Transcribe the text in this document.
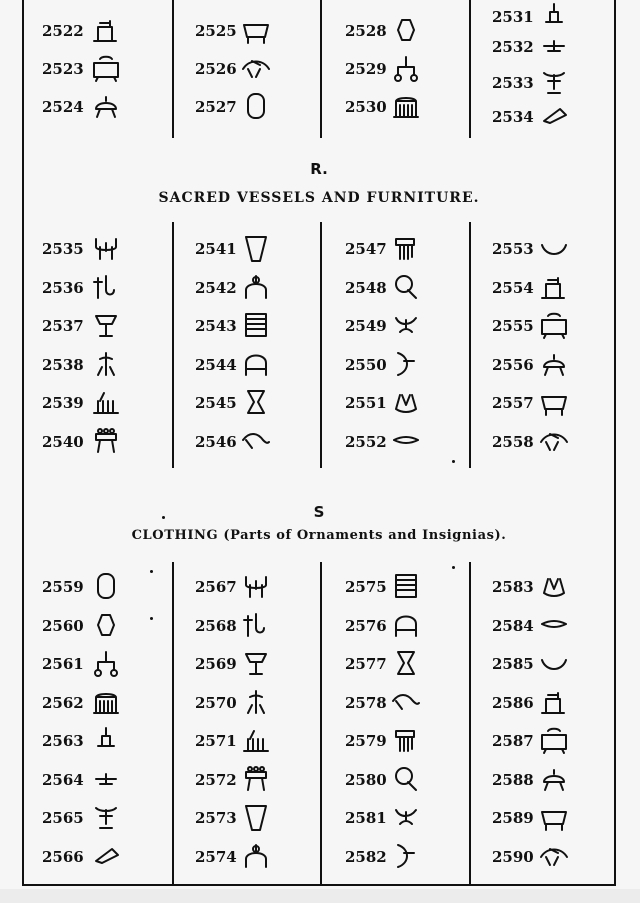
R.
SACRED VESSELS AND FURNITURE.
S
CLOTHING (Parts of Ornaments and Insignias).
2522
2523
2524
2525
2526
2527
2528
2529
2530
2531
2532
2533
2534
2535
2536
2537
2538
2539
2540
2541
2542
2543
2544
2545
2546
2547
2548
2549
2550
2551
2552
2553
2554
2555
2556
2557
2558
2559
2560
2561
2562
2563
2564
2565
2566
2567
2568
2569
2570
2571
2572
2573
2574
2575
2576
2577
2578
2579
2580
2581
2582
2583
2584
2585
2586
2587
2588
2589
2590
